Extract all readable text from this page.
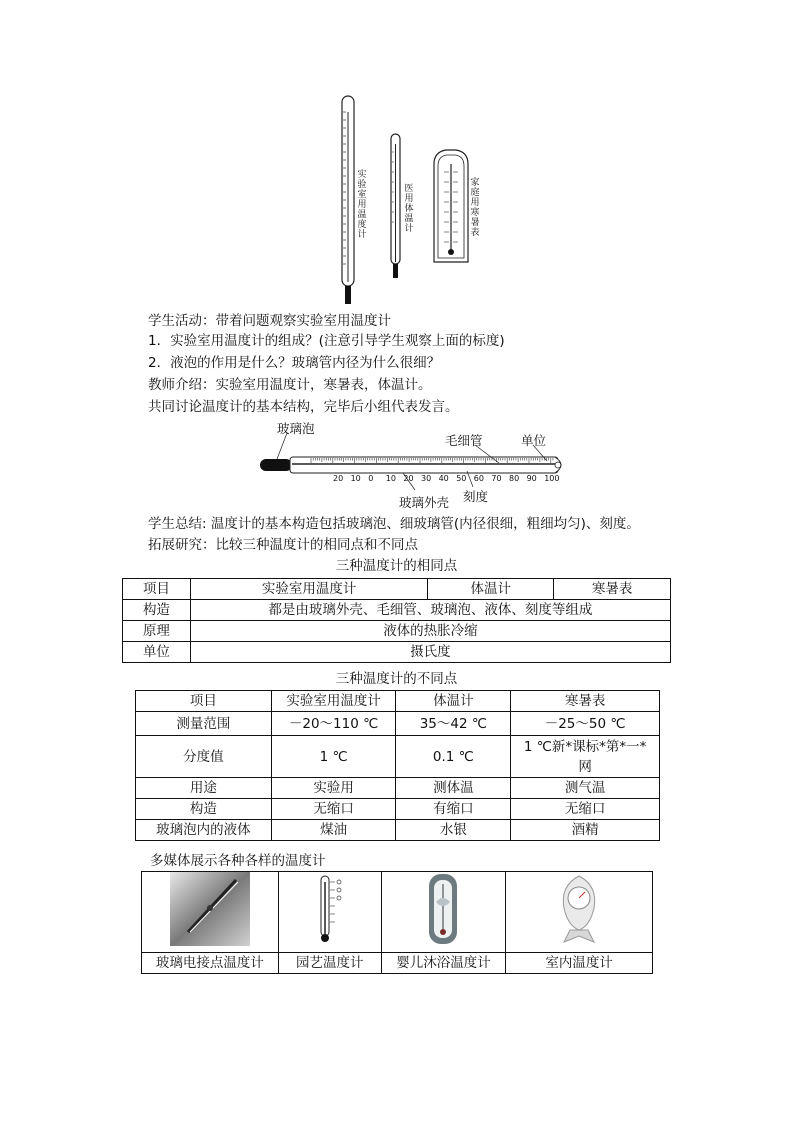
实验室用温度计
医用体温计
家庭用寒暑表
学生活动：带着问题观察实验室用温度计
1．实验室用温度计的组成？(注意引导学生观察上面的标度)
2．液泡的作用是什么？玻璃管内径为什么很细？
教师介绍：实验室用温度计，寒暑表，体温计。
共同讨论温度计的基本结构，完毕后小组代表发言。
玻璃泡
毛细管	单位
玻璃外壳 刻度
20 10 0 10 20 30 40 50 60 70 80 90 100
学生总结: 温度计的基本构造包括玻璃泡、细玻璃管(内径很细，粗细均匀)、刻度。
拓展研究：比较三种温度计的相同点和不同点
三种温度计的相同点
项目	实验室用温度计	体温计	寒暑表
构造	都是由玻璃外壳、毛细管、玻璃泡、液体、刻度等组成		
原理	液体的热胀冷缩		
单位	摄氏度		
三种温度计的不同点
项目	实验室用温度计	体温计	寒暑表
测量范围	－20～110 ℃	35～42 ℃	－25～50 ℃
分度值	1 ℃	0.1 ℃	1 ℃新*课标*第*一*网
用途	实验用	测体温	测气温
构造	无缩口	有缩口	无缩口
玻璃泡内的液体	煤油	水银	酒精
多媒体展示各种各样的温度计

玻璃电接点温度计	园艺温度计	婴儿沐浴温度计	室内温度计
